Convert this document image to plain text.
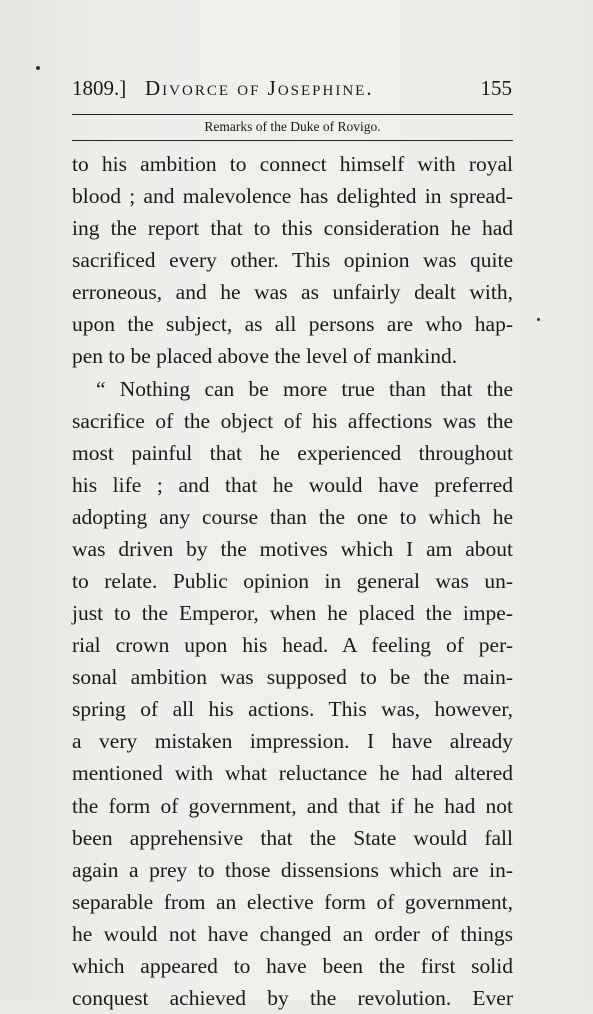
1809.] Divorce of Josephine.	155
Remarks of the Duke of Rovigo.
to his ambition to connect himself with royal
blood ; and malevolence has delighted in spread-
ing the report that to this consideration he had
sacrificed every other. This opinion was quite
erroneous, and he was as unfairly dealt with,
upon the subject, as all persons are who hap-
pen to be placed above the level of mankind.
“ Nothing can be more true than that the
sacrifice of the object of his affections was the
most painful that he experienced throughout
his life ; and that he would have preferred
adopting any course than the one to which he
was driven by the motives which I am about
to relate. Public opinion in general was un-
just to the Emperor, when he placed the impe-
rial crown upon his head. A feeling of per-
sonal ambition was supposed to be the main-
spring of all his actions. This was, however,
a very mistaken impression. I have already
mentioned with what reluctance he had altered
the form of government, and that if he had not
been apprehensive that the State would fall
again a prey to those dissensions which are in-
separable from an elective form of government,
he would not have changed an order of things
which appeared to have been the first solid
conquest achieved by the revolution. Ever
